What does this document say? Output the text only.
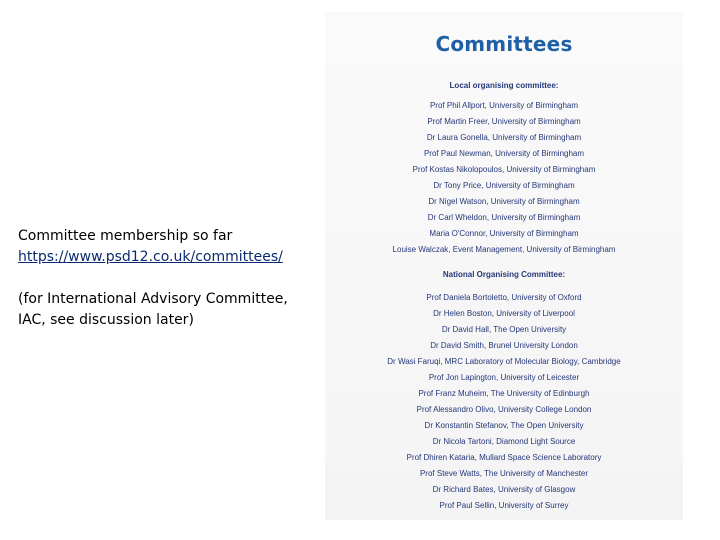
Committee membership so far

https://www.psd12.co.uk/committees/

(for International Advisory Committee, IAC, see discussion later)

Committees
Local organising committee:
Prof Phil Allport, University of Birmingham
Prof Martin Freer, University of Birmingham
Dr Laura Gonella, University of Birmingham
Prof Paul Newman, University of Birmingham
Prof Kostas Nikolopoulos, University of Birmingham
Dr Tony Price, University of Birmingham
Dr Nigel Watson, University of Birmingham
Dr Carl Wheldon, University of Birmingham
Maria O'Connor, University of Birmingham
Louise Walczak, Event Management, University of Birmingham
National Organising Committee:
Prof Daniela Bortoletto, University of Oxford
Dr Helen Boston, University of Liverpool
Dr David Hall, The Open University
Dr David Smith, Brunel University London
Dr Wasi Faruqi, MRC Laboratory of Molecular Biology, Cambridge
Prof Jon Lapington, University of Leicester
Prof Franz Muheim, The University of Edinburgh
Prof Alessandro Olivo, University College London
Dr Konstantin Stefanov, The Open University
Dr Nicola Tartoni, Diamond Light Source
Prof Dhiren Kataria, Mullard Space Science Laboratory
Prof Steve Watts, The University of Manchester
Dr Richard Bates, University of Glasgow
Prof Paul Sellin, University of Surrey
